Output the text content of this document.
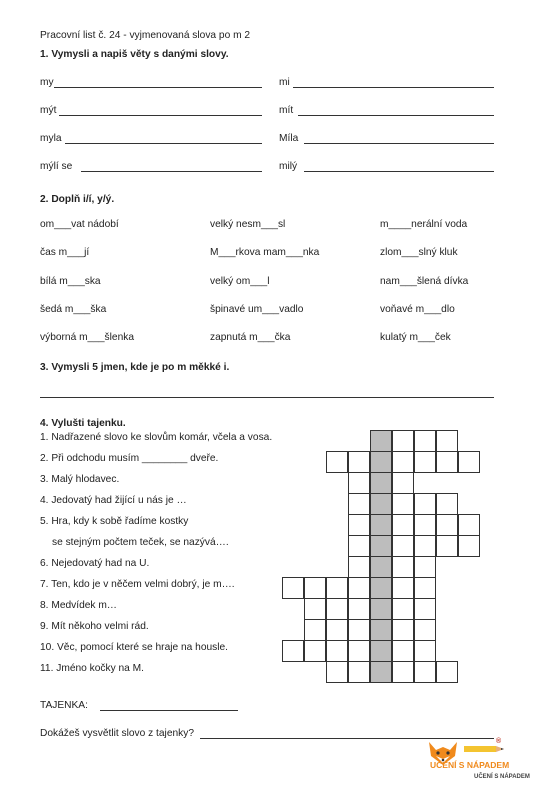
Pracovní list č. 24 - vyjmenovaná slova po m 2
1. Vymysli a napiš věty s danými slovy.
my	mi
mýt	mít
myla	Míla
mýlí se	milý
2. Doplň i/í, y/ý.
om___vat nádobí	velký nesm___sl	m____nerální voda
čas m___jí	M___rkova mam___nka	zlom___slný kluk
bílá m___ska	velký om___l	nam___šlená dívka
šedá m___ška	špinavé um___vadlo	voňavé m___dlo
výborná m___šlenka	zapnutá m___čka	kulatý m___ček
3. Vymysli 5 jmen, kde je po m měkké i.
4. Vylušti tajenku.
1. Nadřazené slovo ke slovům komár, včela a vosa.
2. Při odchodu musím ________ dveře.
3. Malý hlodavec.
4. Jedovatý had žijící u nás je …
5. Hra, kdy k sobě řadíme kostky
se stejným počtem teček, se nazývá….
6. Nejedovatý had na U.
7. Ten, kdo je v něčem velmi dobrý, je m….
8. Medvídek m…
9. Mít někoho velmi rád.
10. Věc, pomocí které se hraje na housle.
11. Jméno kočky na M.
TAJENKA:
Dokážeš vysvětlit slovo z tajenky?
UČENÍ S NÁPADEM
®
UČENÍ S NÁPADEM
